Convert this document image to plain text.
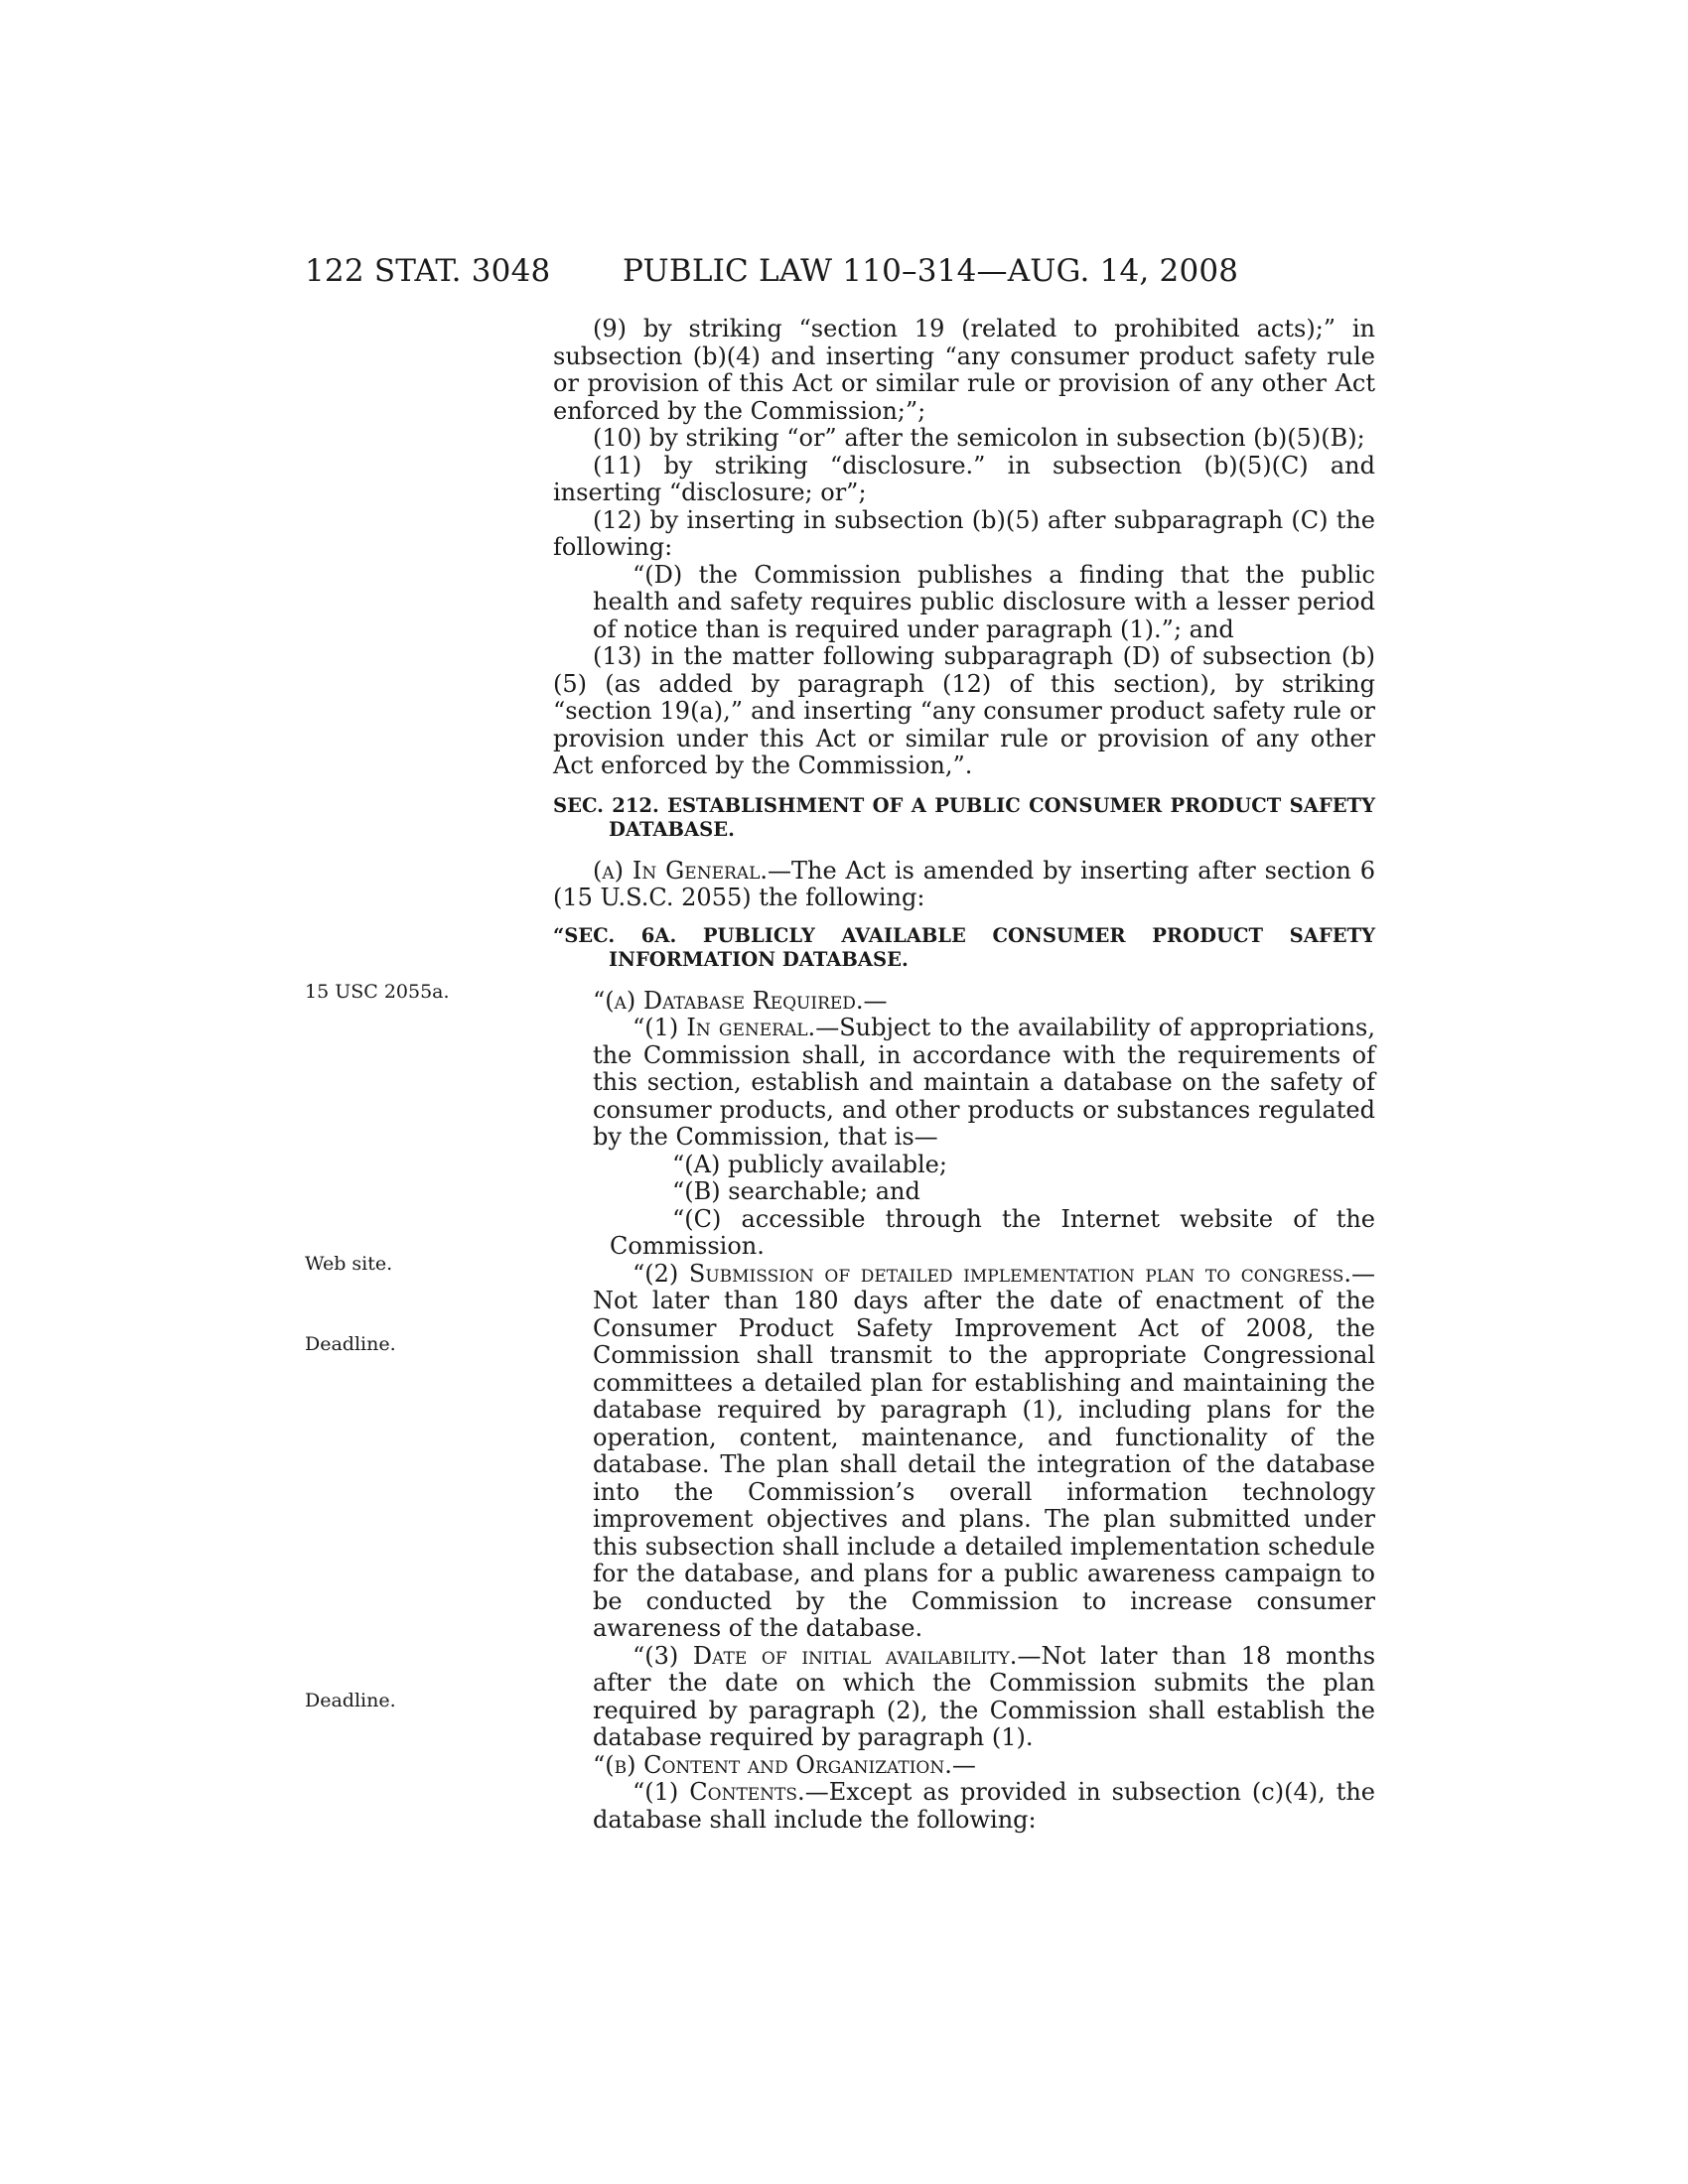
122 STAT. 3048 PUBLIC LAW 110–314—AUG. 14, 2008
15 USC 2055a.
Web site.
Deadline.
Deadline.

(9) by striking “section 19 (related to prohibited acts);” in subsection (b)(4) and inserting “any consumer product safety rule or provision of this Act or similar rule or provision of any other Act enforced by the Commission;”;

(10) by striking “or” after the semicolon in subsection (b)(5)(B);

(11) by striking “disclosure.” in subsection (b)(5)(C) and inserting “disclosure; or”;

(12) by inserting in subsection (b)(5) after subparagraph (C) the following:

“(D) the Commission publishes a finding that the public health and safety requires public disclosure with a lesser period of notice than is required under paragraph (1).”; and

(13) in the matter following subparagraph (D) of subsection (b)(5) (as added by paragraph (12) of this section), by striking “section 19(a),” and inserting “any consumer product safety rule or provision under this Act or similar rule or provision of any other Act enforced by the Commission,”.

SEC. 212. ESTABLISHMENT OF A PUBLIC CONSUMER PRODUCT SAFETY DATABASE.

(a) In General.—The Act is amended by inserting after section 6 (15 U.S.C. 2055) the following:

“SEC. 6A. PUBLICLY AVAILABLE CONSUMER PRODUCT SAFETY INFORMATION DATABASE.

“(a) Database Required.—

“(1) In general.—Subject to the availability of appropriations, the Commission shall, in accordance with the requirements of this section, establish and maintain a database on the safety of consumer products, and other products or substances regulated by the Commission, that is—

“(A) publicly available;

“(B) searchable; and

“(C) accessible through the Internet website of the Commission.

“(2) Submission of detailed implementation plan to congress.—Not later than 180 days after the date of enactment of the Consumer Product Safety Improvement Act of 2008, the Commission shall transmit to the appropriate Congressional committees a detailed plan for establishing and maintaining the database required by paragraph (1), including plans for the operation, content, maintenance, and functionality of the database. The plan shall detail the integration of the database into the Commission’s overall information technology improvement objectives and plans. The plan submitted under this subsection shall include a detailed implementation schedule for the database, and plans for a public awareness campaign to be conducted by the Commission to increase consumer awareness of the database.

“(3) Date of initial availability.—Not later than 18 months after the date on which the Commission submits the plan required by paragraph (2), the Commission shall establish the database required by paragraph (1).

“(b) Content and Organization.—

“(1) Contents.—Except as provided in subsection (c)(4), the database shall include the following:
